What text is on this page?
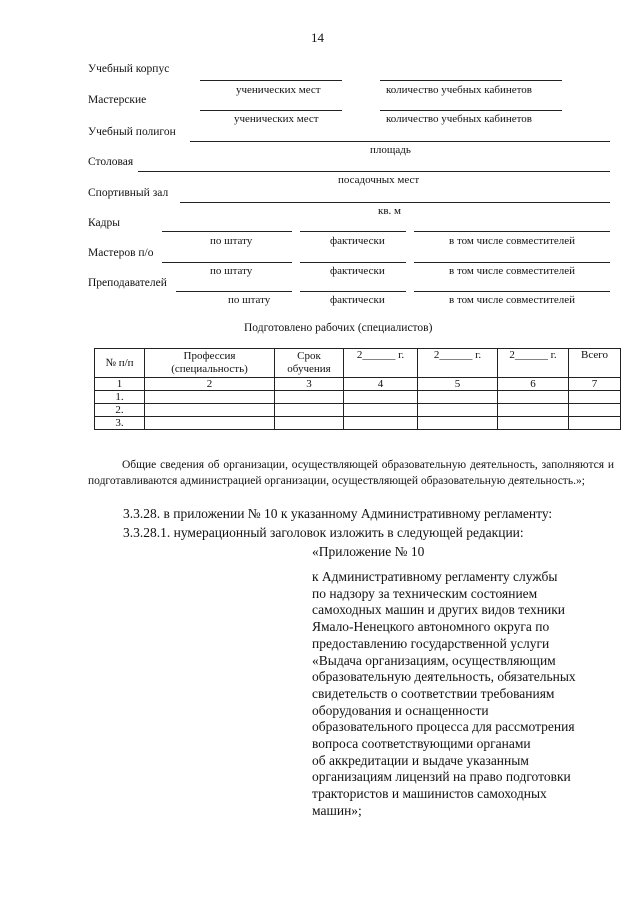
14
Учебный корпус
ученических мест	количество учебных кабинетов
Мастерские
ученических мест	количество учебных кабинетов
Учебный полигон
площадь
Столовая
посадочных мест
Спортивный зал
кв. м
Кадры
по штату	фактически	в том числе совместителей
Мастеров п/о
по штату	фактически	в том числе совместителей
Преподавателей
по штату	фактически	в том числе совместителей
Подготовлено рабочих (специалистов)
№ п/п	Профессия (специальность)	Срок обучения	2______ г.	2______ г.	2______ г.	Всего
1	2	3	4	5	6	7
1.						
2.						
3.						
Общие сведения об организации, осуществляющей образовательную деятельность, заполняются и подготавливаются администрацией организации, осуществляющей образовательную деятельность.»;
3.3.28. в приложении № 10 к указанному Административному регламенту:
3.3.28.1. нумерационный заголовок изложить в следующей редакции:
«Приложение № 10
к Административному регламенту службы
по надзору за техническим состоянием
самоходных машин и других видов техники
Ямало-Ненецкого автономного округа по
предоставлению государственной услуги
«Выдача организациям, осуществляющим
образовательную деятельность, обязательных
свидетельств о соответствии требованиям
оборудования и оснащенности
образовательного процесса для рассмотрения
вопроса соответствующими органами
об аккредитации и выдаче указанным
организациям лицензий на право подготовки
трактористов и машинистов самоходных
машин»;
